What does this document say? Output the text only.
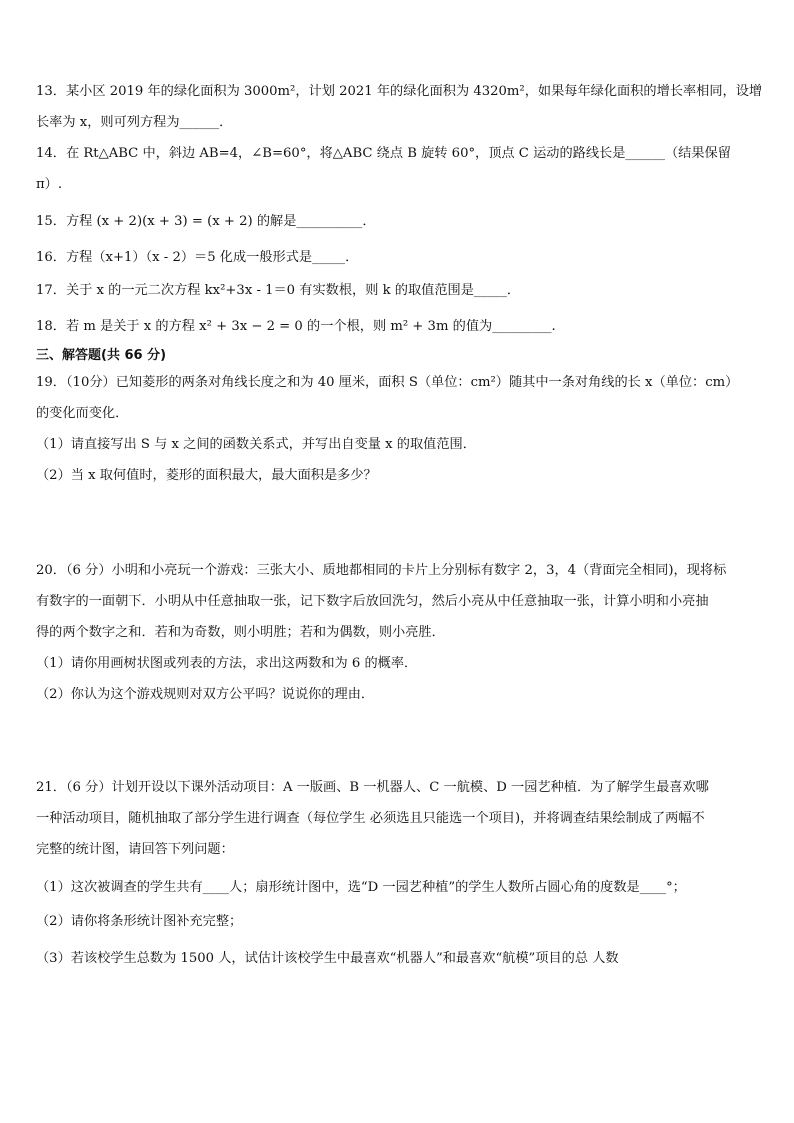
13．某小区 2019 年的绿化面积为 3000m²，计划 2021 年的绿化面积为 4320m²，如果每年绿化面积的增长率相同，设增
长率为 x，则可列方程为______．
14．在 Rt△ABC 中，斜边 AB=4，∠B=60°，将△ABC 绕点 B 旋转 60°，顶点 C 运动的路线长是______（结果保留
π）.
15．方程 (x + 2)(x + 3) = (x + 2) 的解是__________．
16．方程（x+1）（x - 2）＝5 化成一般形式是_____．
17．关于 x 的一元二次方程 kx²+3x - 1＝0 有实数根，则 k 的取值范围是_____．
18．若 m 是关于 x 的方程 x² + 3x − 2 = 0 的一个根，则 m² + 3m 的值为_________.
三、解答题(共 66 分)
19．（10分）已知菱形的两条对角线长度之和为 40 厘米，面积 S（单位：cm²）随其中一条对角线的长 x（单位：cm）
的变化而变化．
（1）请直接写出 S 与 x 之间的函数关系式，并写出自变量 x 的取值范围．
（2）当 x 取何值时，菱形的面积最大，最大面积是多少？
20．（6 分）小明和小亮玩一个游戏：三张大小、质地都相同的卡片上分别标有数字 2，3，4（背面完全相同)，现将标
有数字的一面朝下．小明从中任意抽取一张，记下数字后放回洗匀，然后小亮从中任意抽取一张，计算小明和小亮抽
得的两个数字之和．若和为奇数，则小明胜；若和为偶数，则小亮胜．
（1）请你用画树状图或列表的方法，求出这两数和为 6 的概率．
（2）你认为这个游戏规则对双方公平吗？说说你的理由．
21．（6 分）计划开设以下课外活动项目：A 一版画、B 一机器人、C 一航模、D 一园艺种植．为了解学生最喜欢哪
一种活动项目，随机抽取了部分学生进行调查（每位学生 必须选且只能选一个项目)，并将调查结果绘制成了两幅不
完整的统计图，请回答下列问题：
（1）这次被调查的学生共有____人；扇形统计图中，选“D 一园艺种植”的学生人数所占圆心角的度数是____°；
（2）请你将条形统计图补充完整；
（3）若该校学生总数为 1500 人，试估计该校学生中最喜欢“机器人”和最喜欢“航模”项目的总 人数
